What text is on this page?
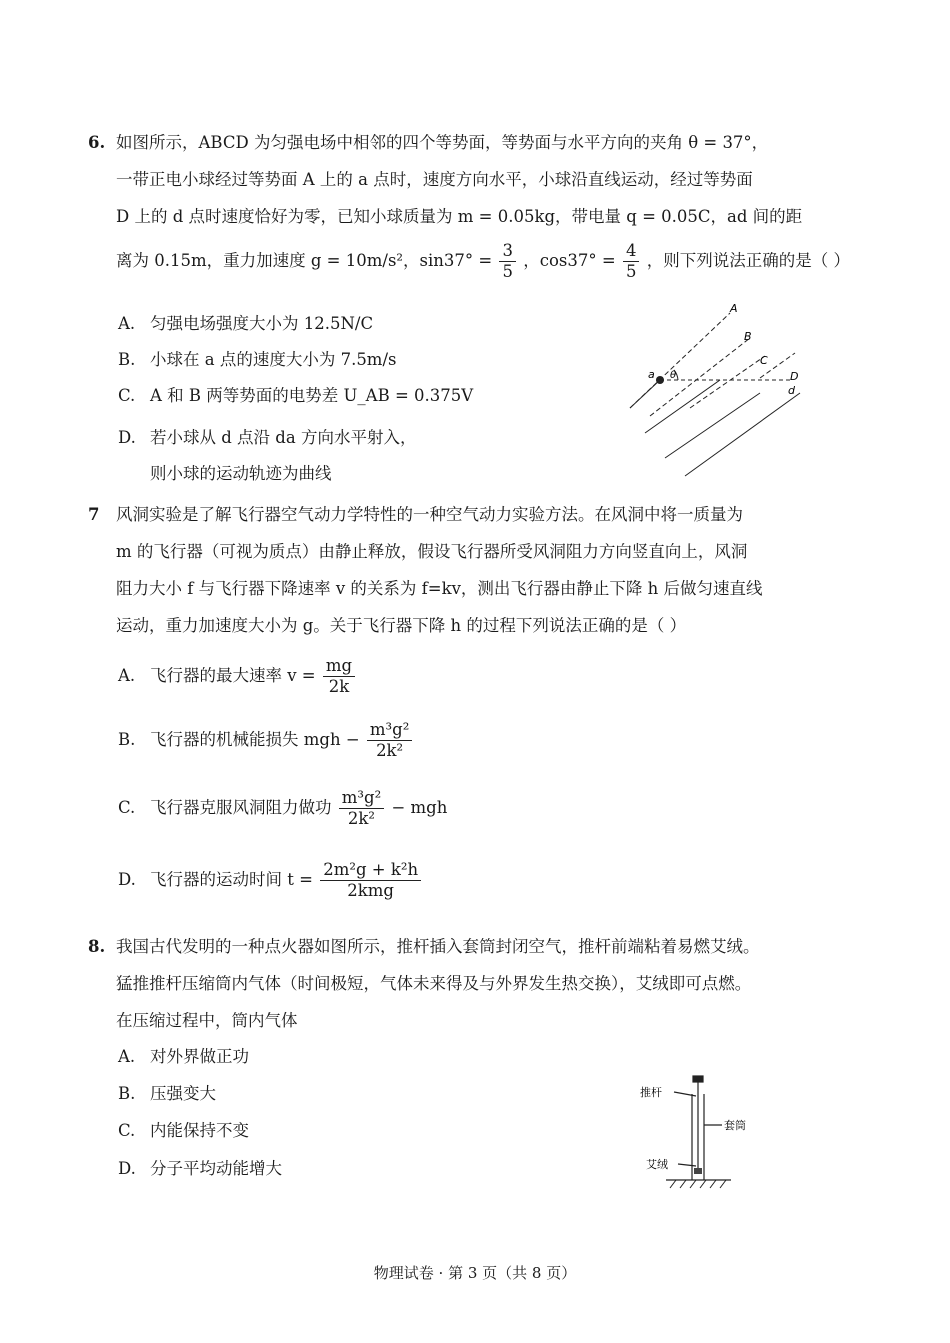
6. 如图所示，ABCD 为匀强电场中相邻的四个等势面，等势面与水平方向的夹角 θ = 37°，
一带正电小球经过等势面 A 上的 a 点时，速度方向水平，小球沿直线运动，经过等势面
D 上的 d 点时速度恰好为零，已知小球质量为 m = 0.05kg，带电量 q = 0.05C，ad 间的距
离为 0.15m，重力加速度 g = 10m/s²，$\sin 37^\circ = \frac{3}{5}$ ，$\cos 37^\circ = \frac{4}{5}$ ，则下列说法正确的是（ ）
A. 匀强电场强度大小为 12.5N/C
B. 小球在 a 点的速度大小为 7.5m/s
C. A 和 B 两等势面的电势差 U_AB = 0.375V
D. 若小球从 d 点沿 da 方向水平射入，
则小球的运动轨迹为曲线
A
B
C
D
a
d
θ
7 风洞实验是了解飞行器空气动力学特性的一种空气动力实验方法。在风洞中将一质量为
m 的飞行器（可视为质点）由静止释放，假设飞行器所受风洞阻力方向竖直向上，风洞
阻力大小 f 与飞行器下降速率 v 的关系为 f=kv，测出飞行器由静止下降 h 后做匀速直线
运动，重力加速度大小为 g。关于飞行器下降 h 的过程下列说法正确的是（ ）
A. 飞行器的最大速率 $v = \frac{mg}{2k}$
B. 飞行器的机械能损失 mgh − $\frac{\text{m³g²}}{\text{2k²}}$
C. 飞行器克服风洞阻力做功 $\frac{\text{m³g²}}{\text{2k²}}$ − mgh
D. 飞行器的运动时间 $t = \frac{\text{2m²g + k²h}}{\text{2kmg}}$
8. 我国古代发明的一种点火器如图所示，推杆插入套筒封闭空气，推杆前端粘着易燃艾绒。
猛推推杆压缩筒内气体（时间极短，气体未来得及与外界发生热交换），艾绒即可点燃。
在压缩过程中，筒内气体
A. 对外界做正功
B. 压强变大
C. 内能保持不变
D. 分子平均动能增大
推杆
套筒
艾绒
物理试卷 · 第 3 页（共 8 页）
